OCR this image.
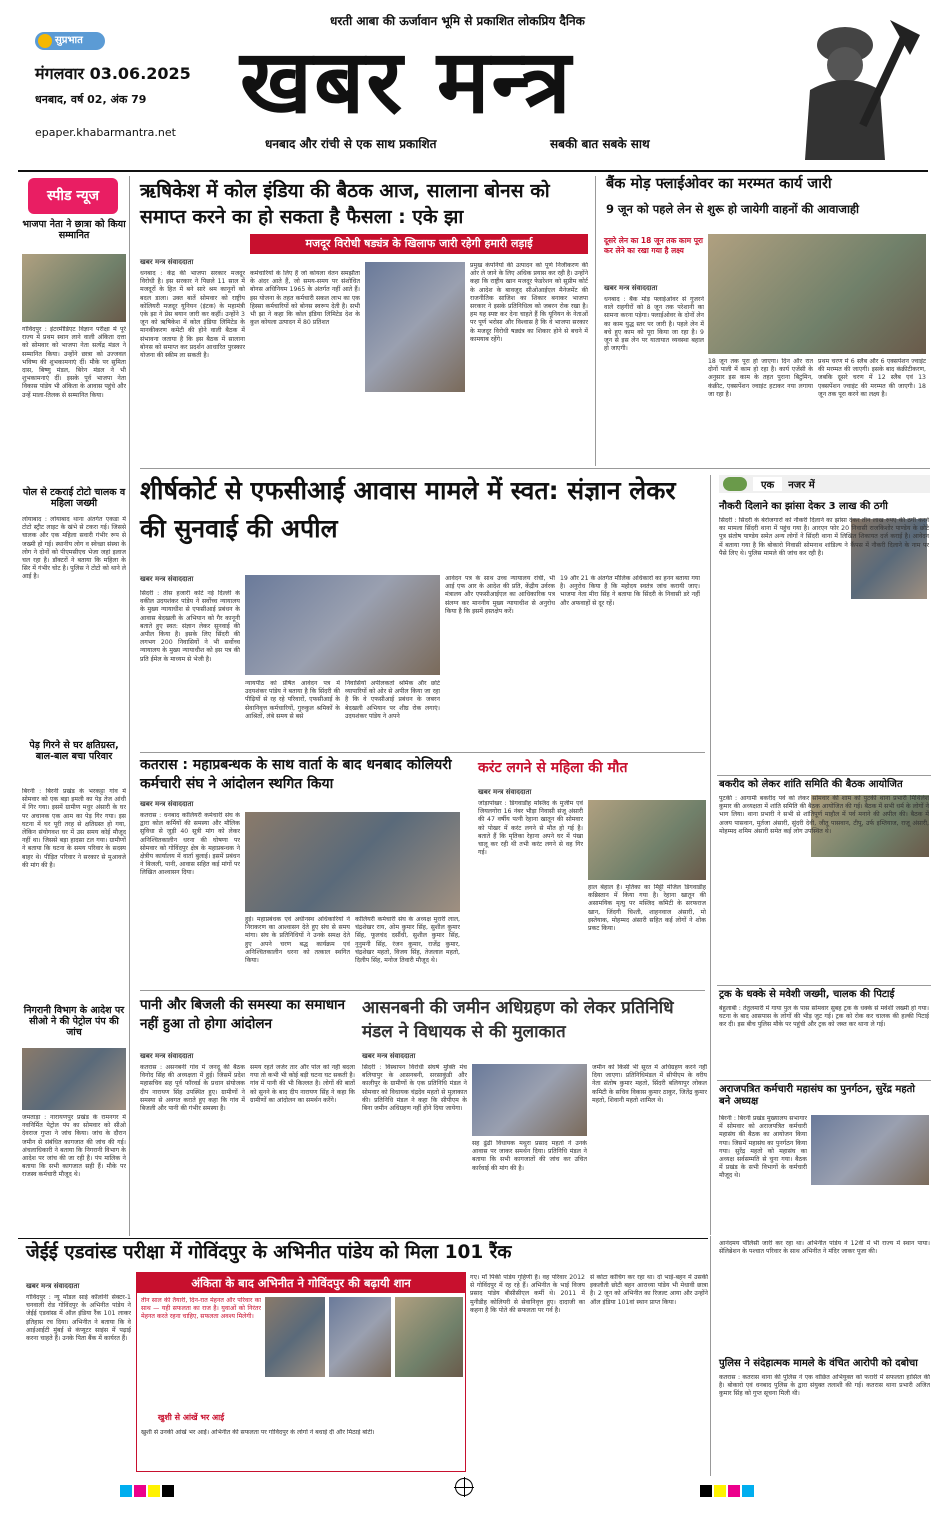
धरती आबा की ऊर्जावान भूमि से प्रकाशित लोकप्रिय दैनिक
सुप्रभात
मंगलवार 03.06.2025
धनबाद, वर्ष 02, अंक 79
epaper.khabarmantra.net खबर मन्त्र
धनबाद और रांची से एक साथ प्रकाशित	सबकी बात सबके साथ
स्पीड न्यूज
भाजपा नेता ने छात्रा को किया सम्मानित
गोविंदपुर : इंटरमीडिएट विज्ञान परीक्षा में पूरे राज्य में प्रथम स्थान लाने वाली अंकिता दत्ता को सोमवार को भाजपा नेता सत्येंद्र मंडल ने सम्मानित किया। उन्होंने छात्रा को उज्जवल भविष्य की शुभकामनाएं दीं। मौके पर सुमिता दास, बिष्णु मंडल, बिरेन मंडल ने भी शुभकामनाएं दीं। इसके पूर्व भाजपा नेता विकास पांडेय भी अंकिता के आवास पहुंचे और उन्हें माला-तिलक से सम्मानित किया।
पोल से टकराई टोटो चालक व महिला जख्मी
लोयाबाद : लोयाबाद थाना अंतर्गत एकडा में टोटो स्ट्रीट लाइट के खंभे से टकरा गई। जिससे चालक और एक महिला सवारी गंभीर रूप से जख्मी हो गई। स्थानीय लोग व स्वेच्छा संस्था के लोग ने दोनों को पीएमसीएच भेजा जहां इलाज चल रहा है। डॉक्टरों ने बताया कि महिला के सिर में गंभीर चोट है। पुलिस ने टोटो को थाने ले आई है।
पेड़ गिरने से घर क्षतिग्रस्त, बाल-बाल बचा परिवार
बिरनी : बिरनी प्रखंड के भरकट्टा गांव में सोमवार को एक बड़ा इमली का पेड़ तेज आंधी में गिर गया। इसमें ग्रामीण मधुर अंसारी के घर पर अचानक एक आम का पेड़ गिर गया। इस घटना में घर पूरी तरह से क्षतिग्रस्त हो गया, लेकिन संयोगवश घर में उस समय कोई मौजूद नहीं था। जिससे बड़ा हादसा टल गया। ग्रामीणों ने बताया कि घटना के समय परिवार के सदस्य बाहर थे। पीड़ित परिवार ने सरकार से मुआवजे की मांग की है।
निगरानी विभाग के आदेश पर सीओ ने की पेट्रोल पंप की जांच
जमताड़ा : नारायणपुर प्रखंड के रामनगर में नवनिर्मित पेट्रोल पंप का सोमवार को सीओ देवराज गुप्ता ने जांच किया। जांच के दौरान जमीन से संबंधित कागजात की जांच की गई। अंचलाधिकारी ने बताया कि निगरानी विभाग के आदेश पर जांच की जा रही है। पंप मालिक ने बताया कि सभी कागजात सही हैं। मौके पर राजस्व कर्मचारी मौजूद थे।
ऋषिकेश में कोल इंडिया की बैठक आज, सालाना बोनस को समाप्त करने का हो सकता है फैसला : एके झा
मजदूर विरोधी षड्यंत्र के खिलाफ जारी रहेगी हमारी लड़ाई
खबर मन्त्र संवाददाता
धनबाद : केंद्र की भाजपा सरकार मजदूर विरोधी है। इस सरकार ने पिछले 11 साल में मजदूरों के हित में बने सारे श्रम कानूनों को बदल डाला। उक्त बातें सोमवार को राष्ट्रीय कोलियरी मजदूर यूनियन (इंटक) के महामंत्री एके झा ने प्रेस बयान जारी कर कहीं। उन्होंने 3 जून को ऋषिकेश में कोल इंडिया लिमिटेड के मानकीकरण कमेटी की होने वाली बैठक में संभावना जताया है कि इस बैठक में सालाना बोनस को समाप्त कर प्रदर्शन आधारित पुरस्कार योजना की स्कीम ला सकती है।
कर्मचारियों के लिए है जो कोयला वेतन समझौता के अंदर आते हैं, जो समय-समय पर संशोधित बोनस अधिनियम 1965 के अंतर्गत नहीं आते हैं। इस योजना के तहत कर्मचारी सकल लाभ का एक हिस्सा कर्मचारियों को बोनस स्वरूप देती है। सभी भी झा ने कहा कि कोल इंडिया लिमिटेड देश के कुल कोयला उत्पादन में 80 प्रतिशत
प्रमुख कंपनियों की उत्पादन को पूर्ण निजीकरण की ओर ले जाने के लिए अधिक प्रयास कर रही है। उन्होंने कहा कि राष्ट्रीय खान मजदूर फेडरेशन को सुप्रीम कोर्ट के आदेश के बावजूद सीओआईएल मैनेजमेंट की राजनीतिक साजिश का शिकार बनाकर भाजपा सरकार ने इसके प्रतिनिधित्व को जबरन रोक रखा है। हम यह स्पष्ट कर देना चाहते हैं कि यूनियन के नेताओं पर पूर्ण भरोसा और विश्वास है कि वे भाजपा सरकार के मजदूर विरोधी षड्यंत्र का शिकार होने से बचने में कामयाब रहेंगे।
बैंक मोड़ फ्लाईओवर का मरम्मत कार्य जारी
9 जून को पहले लेन से शुरू हो जायेगी वाहनों की आवाजाही
दूसरे लेन का 18 जून तक काम पूरा कर लेने का रखा गया है लक्ष्य
खबर मन्त्र संवाददाता
धनबाद : बैंक मोड़ फ्लाईओवर से गुजरने वाले राहगीरों को 8 जून तक परेशानी का सामना करना पड़ेगा। फ्लाईओवर के दोनों लेन का काम युद्ध स्तर पर जारी है। पहले लेन में बचे हुए काम को पूरा किया जा रहा है। 9 जून से इस लेन पर यातायात व्यवस्था बहाल हो जाएगी।
18 जून तक पूरा हो जाएगा। दिन और रात दोनों पाली में काम हो रहा है। कार्य एजेंसी के अनुसार इस काम के तहत पुराना बिटुमिन, कंक्रीट, एक्सपेंशन ज्वाइंट हटाकर नया लगाया जा रहा है।
प्रथम चरण में 6 स्लैब और 6 एक्सपेंशन ज्वाइंट की मरम्मत की जाएगी। इसके बाद कंक्रीटीकरण, जबकि दूसरे चरण में 12 स्लैब एवं 13 एक्सपेंशन ज्वाइंट की मरम्मत की जाएगी। 18 जून तक पूरा करने का लक्ष्य है।
शीर्षकोर्ट से एफसीआई आवास मामले में स्वत: संज्ञान लेकर की सुनवाई की अपील
खबर मन्त्र संवाददाता
सिंदरी : तीस हजारी कोर्ट नई दिल्ली के वकील उदयशंकर पांडेय ने सर्वोच्च न्यायालय के मुख्य न्यायाधीश से एफसीआई प्रबंधन के आवास बेदखली के अभियान को गैर कानूनी बताते हुए स्वत: संज्ञान लेकर सुनवाई की अपील किया है। इसके लिए सिंदरी की लगभग 200 निवासियों ने भी सर्वोच्च न्यायालय के मुख्य न्यायाधीश को इस पत्र की प्रति ईमेल के माध्यम से भेजी है।
न्यायपीठ को प्रेषित आवेदन पत्र में उदयशंकर पांडेय ने बताया है कि सिंदरी की पीढ़ियों से रह रहे परिवारों, एफसीआई के सेवानिवृत्त कर्मचारियों, गुरुकुल श्रमिकों के आश्रितों, लंबे समय से बसे
निवासियों अपीलकर्ता श्रमिक और छोटे व्यापारियों को ओर से अपील किया जा रहा है कि वे एफसीआई प्रबंधन के जबरन बेदखली अभियान पर शीघ्र रोक लगाएं। उदयशंकर पांडेय ने अपने
आवेदन पत्र के साथ उच्च न्यायालय रांची, भी आई एफ आर के आदेश की प्रति, केंद्रीय उर्वरक मंत्रालय और एफसीआईएल का आधिकारिक पत्र संलग्न कर माननीय मुख्य न्यायाधीश से अनुरोध किया है कि इसमें हस्तक्षेप करें।
19 और 21 के अंतर्गत मौलिक अधिकारों का हनन बताया गया है। अनुरोध किया है कि महोदय स्वतंत्र जांच करायी जाए। भाजपा नेता मीरा सिंह ने बताया कि सिंदरी के निवासी डरे नहीं और अफवाहों से दूर रहें।
कतरास : महाप्रबन्धक के साथ वार्ता के बाद धनबाद कोलियरी कर्मचारी संघ ने आंदोलन स्थगित किया
खबर मन्त्र संवाददाता
कतरास : धनबाद कोलियरी कर्मचारी संघ के द्वारा कोल कर्मियों की समस्या और मौलिक सुविधा से जुड़ी 40 सूत्री मांग को लेकर अनिश्चितकालीन धरना की घोषणा पर सोमवार को गोविंदपुर क्षेत्र के महाप्रबन्धक ने क्षेत्रीय कार्यालय में वार्ता बुलाई। इसमें प्रबंधन ने बिजली, पानी, आवास सहित कई मांगों पर लिखित आश्वासन दिया।
हुई। महाप्रबंधक एवं अधीनस्थ अधिकारियों ने निराकरण का आश्वासन देते हुए संघ से समय मांगा। संघ के प्रतिनिधियों ने उनके समक्ष देते हुए अपने चरण बद्ध कार्यक्रम एवं अनिश्चितकालीन धरना को तत्काल स्थगित किया।
कोलियरी कर्मचारी संघ के अध्यक्ष मुरारी लाल, चंद्रशेखर राय, ओम कुमार सिंह, सुशील कुमार सिंह, फूलचंद दसौंधी, सुशील कुमार सिंह, नुनुमनी सिंह, रंजन कुमार, राजेंद्र कुमार, चंद्रशेखर महतो, विजय सिंह, तेजलाल महतो, दिलीप सिंह, मनोज तिवारी मौजूद थे।
करंट लगने से महिला की मौत
खबर मन्त्र संवाददाता
जोड़ापोखर : डिगवाडीह मस्जिद के मुजीम एवं जियलगोरा 16 नंबर भौड़ा निवासी संजू अंसारी की 47 वर्षीय पत्नी रेहाना खातून की सोमवार को पोखर में करंट लगने से मौत हो गई है। बताते हैं कि मृतिका रेहाना अपने घर में पंखा चालू कर रही थी तभी करंट लगने से वह गिर गई।
हाल बेहाल है। मृतिका का मिट्टी मंजिल डिगवाडीह कब्रिस्तान में किया गया है। रेहाना खातून की असामयिक मृत्यु पर मस्जिद कमिटी के सरफराज खान, जिंदगी चिश्ती, शाहनवाज अंसारी, मो इस्तेयाक, मोहम्मद अंसारी सहित कई लोगों ने शोक प्रकट किया।
पानी और बिजली की समस्या का समाधान नहीं हुआ तो होगा आंदोलन
खबर मन्त्र संवाददाता
कतरास : असनबनी गांव में जनदू की बैठक विनोद सिंह की अध्यक्षता में हुई। जिसमें प्रदेश महासचिव सह पूर्व फॉरवर्ड के प्रधान संयोजक दीप नारायण सिंह उपस्थित हुए। ग्रामीणों ने समस्या से अवगत कराते हुए कहा कि गांव में बिजली और पानी की गंभीर समस्या है।
समय रहते जर्जर तार और पोल को नहीं बदला गया तो कभी भी कोई बड़ी घटना घट सकती है। गांव में पानी की भी किल्लत है। लोगों की बातों को सुनने के बाद दीप नारायण सिंह ने कहा कि ग्रामीणों का आंदोलन का समर्थन करेंगे।
आसनबनी की जमीन अधिग्रहण को लेकर प्रतिनिधि मंडल ने विधायक से की मुलाकात
खबर मन्त्र संवाददाता
सिंदरी : विस्थापन विरोधी संघर्ष मुक्ति मंच बलियापुर के आसनबनी, सरसाकुंडी और कालीपुर के ग्रामीणों के एक प्रतिनिधि मंडल ने सोमवार को विधायक चंद्रदेव महतो से मुलाकात की। प्रतिनिधि मंडल ने कहा कि सीपीएम के बिना जमीन अधिग्रहण नहीं होने दिया जायेगा।
सह ढुंढी विधायक मथुरा प्रसाद महतो ने उनके आवास पर जाकर समर्थन दिया। प्रतिनिधि मंडल ने बताया कि सभी कागजातों की जांच कर उचित कार्रवाई की मांग की है।
जमीन को किसी भी सूरत में अधिग्रहण करने नहीं दिया जाएगा। प्रतिनिधिमंडल में सीपीएम के वरीय नेता संतोष कुमार महतो, सिंदरी बलियापुर लोकल कमिटी के सचिव विकास कुमार ठाकुर, जितेंद्र कुमार महतो, शिवानी महतो शामिल थे।
एक	नजर में
नौकरी दिलाने का झांसा देकर 3 लाख की ठगी
सिंदरी : सिंदरी के बेरोजगारों को नौकरी दिलाने का झांसा देकर तीन लाख रुपए की ठगी करने का मामला सिंदरी थाना में पहुंच गया है। आरएन फोर 20 निवासी राजकिशोर पाण्डेय के छोटे पुत्र संतोष पाण्डेय समेत अन्य लोगों ने सिंदरी थाना में लिखित शिकायत दर्ज कराई है। आवेदन में बताया गया है कि बोकारो निवासी सोमनाथ शांडिल्य ने कैंपस में नौकरी दिलाने के नाम पर पैसे लिए थे। पुलिस मामले की जांच कर रही है।
बकरीद को लेकर शांति समिति की बैठक आयोजित
पुटकी : आगामी बकरीद पर्व को लेकर सोमवार की शाम को पुटकी थाना प्रभारी मिथिलेश कुमार की अध्यक्षता में शांति समिति की बैठक आयोजित की गई। बैठक में सभी धर्म के लोगों ने भाग लिया। थाना प्रभारी ने सभी से शांतिपूर्ण माहौल में पर्व मनाने की अपील की। बैठक में अजय पासवान, मुर्तजा अंसारी, सुंदरी देवी, जीतू पासवान, टीपू, उर्फ इम्तियाज, राजू अंसारी, मोहम्मद शमिम अंसारी समेत कई लोग उपस्थित थे।
ट्रक के धक्के से मवेशी जख्मी, चालक की पिटाई
बेहुलाबी : तेतुलमारी में गाया पुल के पास सोमवार सुबह ट्रक के धक्के से मवेशी जख्मी हो गया। घटना के बाद आसपास के लोगों की भीड़ जुट गई। ट्रक को रोक कर चालक की हल्की पिटाई कर दी। इस बीच पुलिस मौके पर पहुंची और ट्रक को जब्त कर थाना ले गई।
अराजपत्रित कर्मचारी महासंघ का पुनर्गठन, सुरेंद्र महतो बने अध्यक्ष
बिरनी : बिरनी प्रखंड मुख्यालय सभागार में सोमवार को अराजपत्रित कर्मचारी महासंघ की बैठक का आयोजन किया गया। जिसमें महासंघ का पुनर्गठन किया गया। सुरेंद्र महतो को महासंघ का अध्यक्ष सर्वसम्मति से चुना गया। बैठक में प्रखंड के सभी विभागों के कर्मचारी मौजूद थे।
जेईई एडवांस्ड परीक्षा में गोविंदपुर के अभिनीत पांडेय को मिला 101 रैंक
खबर मन्त्र संवाददाता
गोविंदपुर : न्यू मॉडल साई कॉलोनी सेक्टर-1 चनवाली रोड गोविंदपुर के अभिनीत पांडेय ने जेईई एडवांस्ड में ऑल इंडिया रैंक 101 लाकर इतिहास रच दिया। अभिनीत ने बताया कि वे आईआईटी मुंबई से कंप्यूटर साइंस में पढ़ाई करना चाहते हैं। उनके पिता बैंक में कार्यरत हैं।
अंकिता के बाद अभिनीत ने गोविंदपुर की बढ़ायी शान
तीन साल की तैयारी, दिन-रात मेहनत और परिवार का साथ — यही सफलता का राज है। युवाओं को निरंतर मेहनत करते रहना चाहिए, सफलता अवश्य मिलेगी।
खुशी से आंखें भर आई
खुशी से उनकी आंखें भर आईं। अभिनीत की सफलता पर गोविंदपुर के लोगों ने बधाई दी और मिठाई बांटी।
गए। माँ पिंकी पांडेय गृहिणी हैं। वह परिवार 2012 से गोविंदपुर में रह रहे हैं। अभिनीत के भाई विजय प्रसाद पांडेय बीसीसीएल कर्मी थे। 2011 में मुनीडीह कोलियरी से सेवानिवृत्त हुए। दादाजी का कहना है कि पोते की सफलता पर गर्व है।
से कोटा कोचिंग कर रहा था। दो भाई-बहन में उसकी इकलौती छोटी बहन आराध्या पांडेय भी मेधावी छात्रा है। 2 जून को अभिनीत का रिजल्ट आया और उन्होंने ऑल इंडिया 101वां स्थान प्राप्त किया।
आनंदमय पॉलिसी जारी कर रहा था। अभिनीत पांडेय ने 12वीं में भी राज्य में स्थान पाया। सेलिब्रेशन के पश्चात परिवार के साथ अभिनीत ने मंदिर जाकर पूजा की।
पुलिस ने संदेहात्मक मामले के वंचित आरोपी को दबोचा
कतरास : कतरास थाना की पुलिस ने एक वांछित अभियुक्त को फरारी में सफलता हासिल की है। बोकारो एवं धनबाद पुलिस के द्वारा संयुक्त तलाशी की गई। कतरास थाना प्रभारी अजित कुमार सिंह को गुप्त सूचना मिली थी।
